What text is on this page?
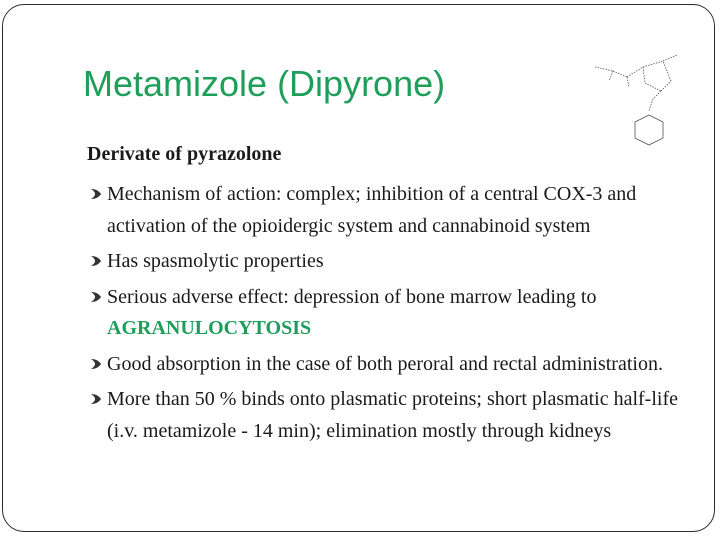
Metamizole (Dipyrone)

Derivate of pyrazolone

Mechanism of action: complex; inhibition of a central COX-3 and activation of the opioidergic system and cannabinoid system
Has spasmolytic properties
Serious adverse effect: depression of bone marrow leading to AGRANULOCYTOSIS
Good absorption in the case of both peroral and rectal administration.
More than 50 % binds onto plasmatic proteins; short plasmatic half-life (i.v. metamizole - 14 min); elimination mostly through kidneys
